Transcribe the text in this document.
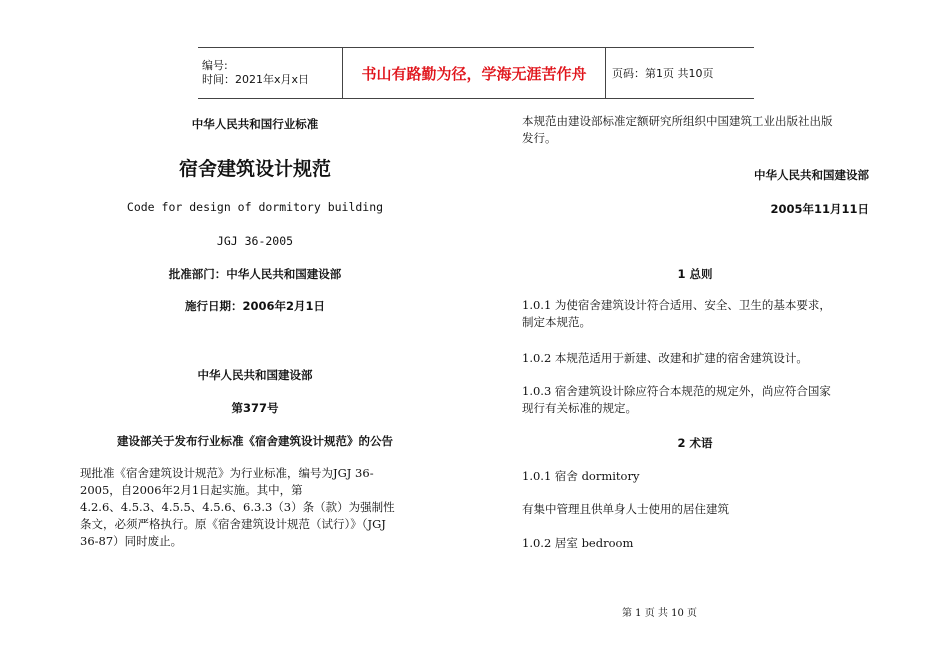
编号:
时间：2021年x月x日	书山有路勤为径，学海无涯苦作舟 页码：第1页 共10页
中华人民共和国行业标准
宿舍建筑设计规范
Code for design of dormitory building
JGJ 36-2005
批准部门：中华人民共和国建设部
施行日期：2006年2月1日
中华人民共和国建设部
第377号
建设部关于发布行业标准《宿舍建筑设计规范》的公告
现批准《宿舍建筑设计规范》为行业标准，编号为JGJ 36-
2005，自2006年2月1日起实施。其中，第
4.2.6、4.5.3、4.5.5、4.5.6、6.3.3（3）条（款）为强制性
条文，必须严格执行。原《宿舍建筑设计规范（试行）》（JGJ
36-87）同时废止。
本规范由建设部标准定额研究所组织中国建筑工业出版社出版
发行。
中华人民共和国建设部
2005年11月11日
1 总则
1.0.1 为使宿舍建筑设计符合适用、安全、卫生的基本要求，
制定本规范。
1.0.2 本规范适用于新建、改建和扩建的宿舍建筑设计。
1.0.3 宿舍建筑设计除应符合本规范的规定外，尚应符合国家
现行有关标准的规定。
2 术语
1.0.1 宿舍 dormitory
有集中管理且供单身人士使用的居住建筑
1.0.2 居室 bedroom
第 1 页 共 10 页
